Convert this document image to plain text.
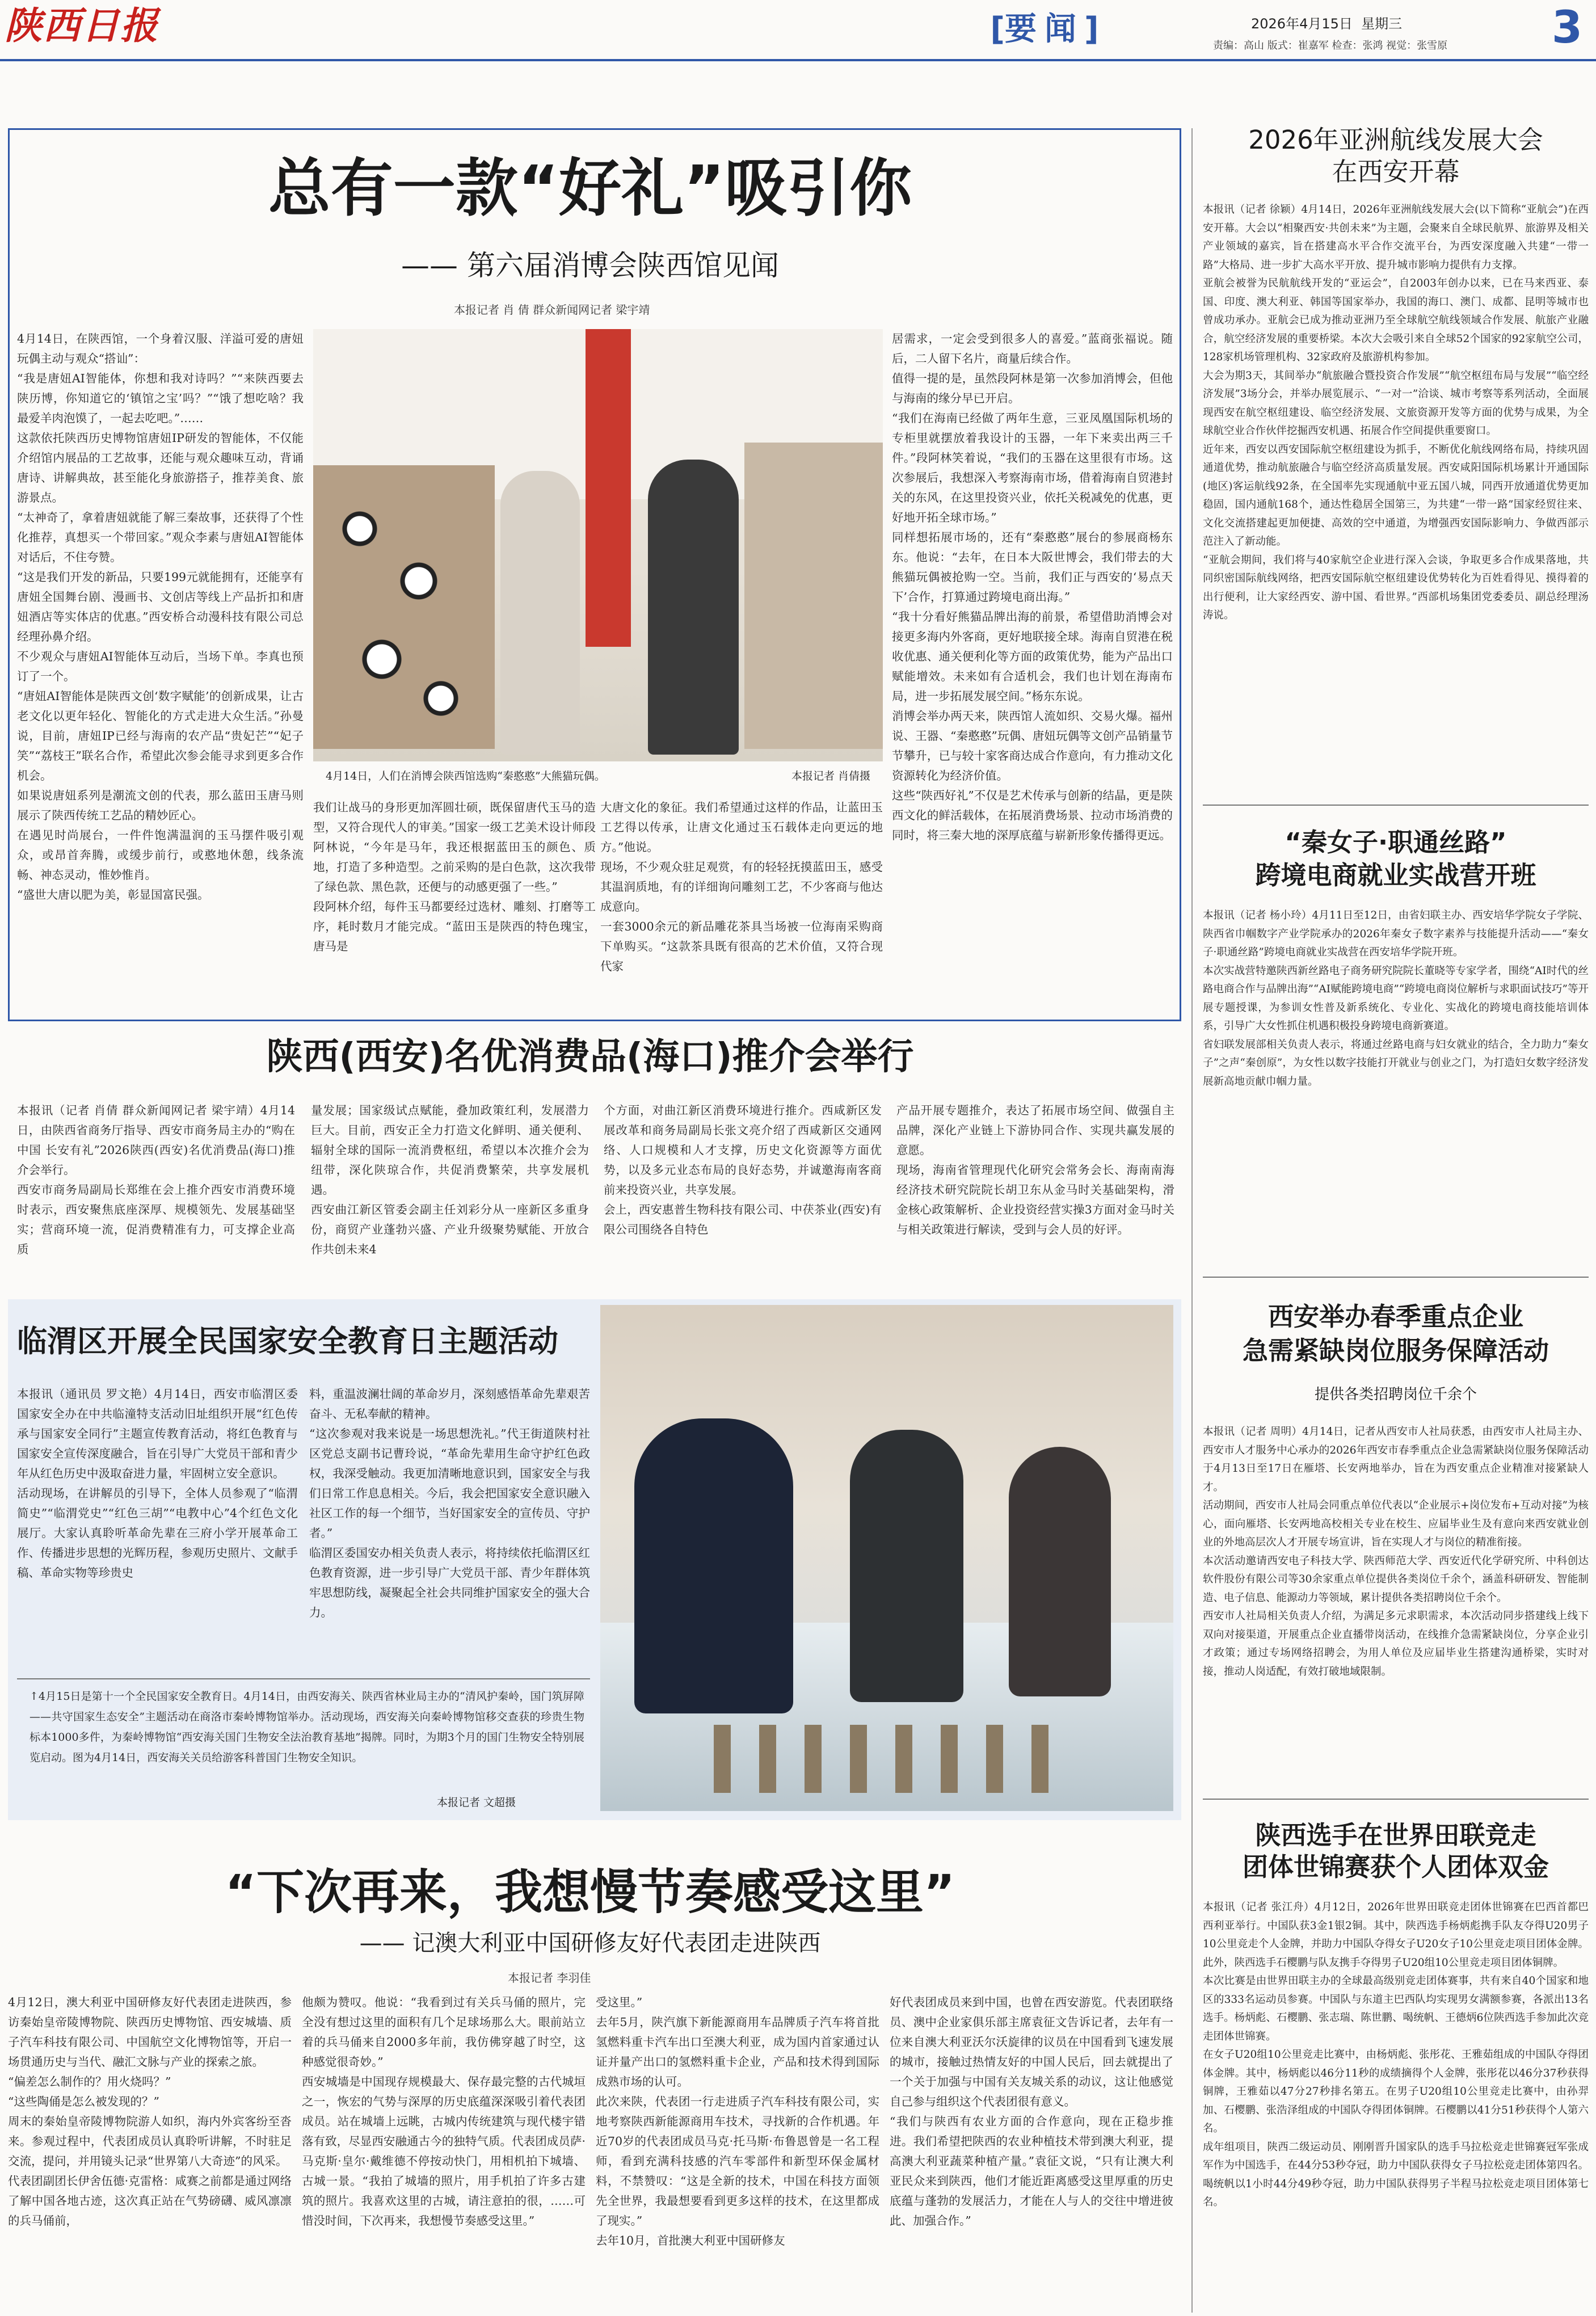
陕西日报	[要闻]	2026年4月15日 星期三
责编：高山 版式：崔嘉军 检查：张鸿 视觉：张雪原 3
总有一款“好礼”吸引你
—— 第六届消博会陕西馆见闻
本报记者 肖 倩 群众新闻网记者 梁宇靖
4月14日，在陕西馆，一个身着汉服、洋溢可爱的唐妞玩偶主动与观众“搭讪”：
“我是唐妞AI智能体，你想和我对诗吗？”“来陕西要去陕历博，你知道它的‘镇馆之宝’吗？”“饿了想吃啥？我最爱羊肉泡馍了，一起去吃吧。”……
这款依托陕西历史博物馆唐妞IP研发的智能体，不仅能介绍馆内展品的工艺故事，还能与观众趣味互动，背诵唐诗、讲解典故，甚至能化身旅游搭子，推荐美食、旅游景点。
“太神奇了，拿着唐妞就能了解三秦故事，还获得了个性化推荐，真想买一个带回家。”观众李素与唐妞AI智能体对话后，不住夸赞。
“这是我们开发的新品，只要199元就能拥有，还能享有唐妞全国舞台剧、漫画书、文创店等线上产品折扣和唐妞酒店等实体店的优惠。”西安桥合动漫科技有限公司总经理孙鼻介绍。
不少观众与唐妞AI智能体互动后，当场下单。李真也预订了一个。
“唐妞AI智能体是陕西文创‘数字赋能’的创新成果，让古老文化以更年轻化、智能化的方式走进大众生活。”孙曼说，目前，唐妞IP已经与海南的农产品“贵妃芒”“妃子笑”“荔枝王”联名合作，希望此次参会能寻求到更多合作机会。
如果说唐妞系列是潮流文创的代表，那么蓝田玉唐马则展示了陕西传统工艺品的精妙匠心。
在遇见时尚展台，一件件饱满温润的玉马摆件吸引观众，或昂首奔腾，或缓步前行，或憨地休憩，线条流畅、神态灵动，惟妙惟肖。
“盛世大唐以肥为美，彰显国富民强。
4月14日，人们在消博会陕西馆选购“秦憨憨”大熊猫玩偶。	本报记者 肖倩摄
我们让战马的身形更加浑圆壮硕，既保留唐代玉马的造型，又符合现代人的审美。”国家一级工艺美术设计师段阿林说，“今年是马年，我还根据蓝田玉的颜色、质地，打造了多种造型。之前采购的是白色款，这次我带了绿色款、黑色款，还便与的动感更强了一些。”
段阿林介绍，每件玉马都要经过选材、雕刻、打磨等工序，耗时数月才能完成。“蓝田玉是陕西的特色瑰宝，唐马是
大唐文化的象征。我们希望通过这样的作品，让蓝田玉工艺得以传承，让唐文化通过玉石载体走向更远的地方。”他说。
现场，不少观众驻足观赏，有的轻轻抚摸蓝田玉，感受其温润质地，有的详细询问雕刻工艺，不少客商与他达成意向。
一套3000余元的新品雕花茶具当场被一位海南采购商下单购买。“这款茶具既有很高的艺术价值，又符合现代家
居需求，一定会受到很多人的喜爱。”蓝商张福说。随后，二人留下名片，商量后续合作。
值得一提的是，虽然段阿林是第一次参加消博会，但他与海南的缘分早已开启。
“我们在海南已经做了两年生意，三亚凤凰国际机场的专柜里就摆放着我设计的玉器，一年下来卖出两三千件。”段阿林笑着说，“我们的玉器在这里很有市场。这次参展后，我想深入考察海南市场，借着海南自贸港封关的东风，在这里投资兴业，依托关税减免的优惠，更好地开拓全球市场。”
同样想拓展市场的，还有“秦憨憨”展台的参展商杨东东。他说：“去年，在日本大阪世博会，我们带去的大熊猫玩偶被抢购一空。当前，我们正与西安的‘易点天下’合作，打算通过跨境电商出海。”
“我十分看好熊猫品牌出海的前景，希望借助消博会对接更多海内外客商，更好地联接全球。海南自贸港在税收优惠、通关便利化等方面的政策优势，能为产品出口赋能增效。未来如有合适机会，我们也计划在海南布局，进一步拓展发展空间。”杨东东说。
消博会举办两天来，陕西馆人流如织、交易火爆。福州说、王器、“秦憨憨”玩偶、唐妞玩偶等文创产品销量节节攀升，已与较十家客商达成合作意向，有力推动文化资源转化为经济价值。
这些“陕西好礼”不仅是艺术传承与创新的结晶，更是陕西文化的鲜活载体，在拓展消费场景、拉动市场消费的同时，将三秦大地的深厚底蕴与崭新形象传播得更远。
陕西(西安)名优消费品(海口)推介会举行
本报讯（记者 肖倩 群众新闻网记者 梁宇靖）4月14日，由陕西省商务厅指导、西安市商务局主办的“购在中国 长安有礼”2026陕西(西安)名优消费品(海口)推介会举行。
西安市商务局副局长郑维在会上推介西安市消费环境时表示，西安聚焦底座深厚、规模领先、发展基础坚实；营商环境一流，促消费精准有力，可支撑企业高质
量发展；国家级试点赋能，叠加政策红利，发展潜力巨大。目前，西安正全力打造文化鲜明、通关便利、辐射全球的国际一流消费枢纽，希望以本次推介会为纽带，深化陕琼合作，共促消费繁荣，共享发展机遇。
西安曲江新区管委会副主任刘彩分从一座新区多重身份，商贸产业蓬勃兴盛、产业升级聚势赋能、开放合作共创未来4
个方面，对曲江新区消费环境进行推介。西咸新区发展改革和商务局副局长张文亮介绍了西咸新区交通网络、人口规模和人才支撑，历史文化资源等方面优势，以及多元业态布局的良好态势，并诚邀海南客商前来投资兴业，共享发展。
会上，西安惠普生物科技有限公司、中茯茶业(西安)有限公司围绕各自特色
产品开展专题推介，表达了拓展市场空间、做强自主品牌，深化产业链上下游协同合作、实现共赢发展的意愿。
现场，海南省管理现代化研究会常务会长、海南南海经济技术研究院院长胡卫东从金马时关基础架构，滑金核心政策解析、企业投资经营实操3方面对金马时关与相关政策进行解读，受到与会人员的好评。
临渭区开展全民国家安全教育日主题活动
本报讯（通讯员 罗文艳）4月14日，西安市临渭区委国家安全办在中共临潼特支活动旧址组织开展“红色传承与国家安全同行”主题宣传教育活动，将红色教育与国家安全宣传深度融合，旨在引导广大党员干部和青少年从红色历史中汲取奋进力量，牢固树立安全意识。
活动现场，在讲解员的引导下，全体人员参观了“临渭简史”“临渭党史”“红色三胡”“电教中心”4个红色文化展厅。大家认真聆听革命先辈在三府小学开展革命工作、传播进步思想的光辉历程，参观历史照片、文献手稿、革命实物等珍贵史
料，重温波澜壮阔的革命岁月，深刻感悟革命先辈艰苦奋斗、无私奉献的精神。
“这次参观对我来说是一场思想洗礼。”代王街道陕村社区党总支副书记曹玲说，“革命先辈用生命守护红色政权，我深受触动。我更加清晰地意识到，国家安全与我们日常工作息息相关。今后，我会把国家安全意识融入社区工作的每一个细节，当好国家安全的宣传员、守护者。”
临渭区委国安办相关负责人表示，将持续依托临渭区红色教育资源，进一步引导广大党员干部、青少年群体筑牢思想防线，凝聚起全社会共同维护国家安全的强大合力。
↑4月15日是第十一个全民国家安全教育日。4月14日，由西安海关、陕西省林业局主办的“清风护秦岭，国门筑屏障——共守国家生态安全”主题活动在商洛市秦岭博物馆举办。活动现场，西安海关向秦岭博物馆移交查获的珍贵生物标本1000多件，为秦岭博物馆“西安海关国门生物安全法治教育基地”揭牌。同时，为期3个月的国门生物安全特别展览启动。图为4月14日，西安海关关员给游客科普国门生物安全知识。
本报记者 文超摄
“下次再来，我想慢节奏感受这里”
—— 记澳大利亚中国研修友好代表团走进陕西
本报记者 李羽佳
4月12日，澳大利亚中国研修友好代表团走进陕西，参访秦始皇帝陵博物院、陕西历史博物馆、西安城墙、质子汽车科技有限公司、中国航空文化博物馆等，开启一场贯通历史与当代、融汇文脉与产业的探索之旅。
“偏差怎么制作的？用火烧吗？”
“这些陶俑是怎么被发现的？”
周末的秦始皇帝陵博物院游人如织，海内外宾客纷至沓来。参观过程中，代表团成员认真聆听讲解，不时驻足交流，提问，并用镜头记录“世界第八大奇迹”的风采。
代表团副团长伊舍伍德·克雷格：咸赛之前都是通过网络了解中国各地古迹，这次真正站在气势磅礴、威风凛凛的兵马俑前，
他颇为赞叹。他说：“我看到过有关兵马俑的照片，完全没有想过这里的面积有几个足球场那么大。眼前站立着的兵马俑来自2000多年前，我仿佛穿越了时空，这种感觉很奇妙。”
西安城墙是中国现存规模最大、保存最完整的古代城垣之一，恢宏的气势与深厚的历史底蕴深深吸引着代表团成员。站在城墙上远眺，古城内传统建筑与现代楼宇错落有致，尽显西安融通古今的独特气质。代表团成员萨·马克斯·皇尔·戴维德不停按动快门，用相机拍下城墙、古城一景。“我拍了城墙的照片，用手机拍了许多古建筑的照片。我喜欢这里的古城，请注意拍的很，……可惜没时间，下次再来，我想慢节奏感受这里。”
受这里。”
去年5月，陕汽旗下新能源商用车品牌质子汽车将首批氢燃料重卡汽车出口至澳大利亚，成为国内首家通过认证并量产出口的氢燃料重卡企业，产品和技术得到国际成熟市场的认可。
此次来陕，代表团一行走进质子汽车科技有限公司，实地考察陕西新能源商用车技术，寻找新的合作机遇。年近70岁的代表团成员马克·托马斯·布鲁恩曾是一名工程师，看到充满科技感的汽车零部件和新型环保金属材料，不禁赞叹：“这是全新的技术，中国在科技方面领先全世界，我最想要看到更多这样的技术，在这里都成了现实。”
去年10月，首批澳大利亚中国研修友
好代表团成员来到中国，也曾在西安游览。代表团联络员、澳中企业家俱乐部主席袁征文告诉记者，去年有一位来自澳大利亚沃尔沃旋律的议员在中国看到飞速发展的城市，接触过热情友好的中国人民后，回去就提出了一个关于加强与中国有关友城关系的动议，这让他感觉自己参与组织这个代表团很有意义。
“我们与陕西有农业方面的合作意向，现在正稳步推进。我们希望把陕西的农业种植技术带到澳大利亚，提高澳大利亚蔬菜种植产量。”袁征文说，“只有让澳大利亚民众来到陕西，他们才能近距离感受这里厚重的历史底蕴与蓬勃的发展活力，才能在人与人的交往中增进彼此、加强合作。”
2026年亚洲航线发展大会
在西安开幕
本报讯（记者 徐颖）4月14日，2026年亚洲航线发展大会(以下简称“亚航会”)在西安开幕。大会以“相聚西安·共创未来”为主题，会聚来自全球民航界、旅游界及相关产业领域的嘉宾，旨在搭建高水平合作交流平台，为西安深度融入共建“一带一路”大格局、进一步扩大高水平开放、提升城市影响力提供有力支撑。
亚航会被誉为民航航线开发的“亚运会”，自2003年创办以来，已在马来西亚、泰国、印度、澳大利亚、韩国等国家举办，我国的海口、澳门、成都、昆明等城市也曾成功承办。亚航会已成为推动亚洲乃至全球航空航线领域合作发展、航旅产业融合，航空经济发展的重要桥梁。本次大会吸引来自全球52个国家的92家航空公司，128家机场管理机构、32家政府及旅游机构参加。
大会为期3天，其间举办“航旅融合暨投资合作发展”“航空枢纽布局与发展”“临空经济发展”3场分会，并举办展览展示、“一对一”洽谈、城市考察等系列活动，全面展现西安在航空枢纽建设、临空经济发展、文旅资源开发等方面的优势与成果，为全球航空业合作伙伴挖掘西安机遇、拓展合作空间提供重要窗口。
近年来，西安以西安国际航空枢纽建设为抓手，不断优化航线网络布局，持续巩固通道优势，推动航旅融合与临空经济高质量发展。西安咸阳国际机场累计开通国际(地区)客运航线92条，在全国率先实现通航中亚五国八城，同西开放通道优势更加稳固，国内通航168个，通达性稳居全国第三，为共建“一带一路”国家经贸往来、文化交流搭建起更加便捷、高效的空中通道，为增强西安国际影响力、争做西部示范注入了新动能。
“亚航会期间，我们将与40家航空企业进行深入会谈，争取更多合作成果落地，共同织密国际航线网络，把西安国际航空枢纽建设优势转化为百姓看得见、摸得着的出行便利，让大家经西安、游中国、看世界。”西部机场集团党委委员、副总经理汤涛说。
“秦女子·职通丝路”
跨境电商就业实战营开班
本报讯（记者 杨小玲）4月11日至12日，由省妇联主办、西安培华学院女子学院、陕西省巾帼数字产业学院承办的2026年秦女子数字素养与技能提升活动——“秦女子·职通丝路”跨境电商就业实战营在西安培华学院开班。
本次实战营特邀陕西新丝路电子商务研究院院长董晓等专家学者，围绕“AI时代的丝路电商合作与品牌出海”“AI赋能跨境电商”“跨境电商岗位解析与求职面试技巧”等开展专题授课，为参训女性普及新系统化、专业化、实战化的跨境电商技能培训体系，引导广大女性抓住机遇积极投身跨境电商新赛道。
省妇联发展部相关负责人表示，将通过丝路电商与妇女就业的结合，全力助力“秦女子”之声“秦创原”，为女性以数字技能打开就业与创业之门，为打造妇女数字经济发展新高地贡献巾帼力量。
西安举办春季重点企业
急需紧缺岗位服务保障活动
提供各类招聘岗位千余个
本报讯（记者 周明）4月14日，记者从西安市人社局获悉，由西安市人社局主办、西安市人才服务中心承办的2026年西安市春季重点企业急需紧缺岗位服务保障活动于4月13日至17日在雁塔、长安两地举办，旨在为西安重点企业精准对接紧缺人才。
活动期间，西安市人社局会同重点单位代表以“企业展示+岗位发布+互动对接”为核心，面向雁塔、长安两地高校相关专业在校生、应届毕业生及有意向来西安就业创业的外地高层次人才开展专场宣讲，旨在实现人才与岗位的精准衔接。
本次活动邀请西安电子科技大学、陕西师范大学、西安近代化学研究所、中科创达软件股份有限公司等30余家重点单位提供各类岗位千余个，涵盖科研研发、智能制造、电子信息、能源动力等领域，累计提供各类招聘岗位千余个。
西安市人社局相关负责人介绍，为满足多元求职需求，本次活动同步搭建线上线下双向对接渠道，开展重点企业直播带岗活动，在线推介急需紧缺岗位，分享企业引才政策；通过专场网络招聘会，为用人单位及应届毕业生搭建沟通桥梁，实时对接，推动人岗适配，有效打破地域限制。
陕西选手在世界田联竞走
团体世锦赛获个人团体双金
本报讯（记者 张江舟）4月12日，2026年世界田联竞走团体世锦赛在巴西首都巴西利亚举行。中国队获3金1银2铜。其中，陕西选手杨炳彪携手队友夺得U20男子10公里竞走个人金牌，并助力中国队夺得女子U20女子10公里竞走项目团体金牌。此外，陕西选手石樱鹏与队友携手夺得男子U20组10公里竞走项目团体铜牌。
本次比赛是由世界田联主办的全球最高级别竞走团体赛事，共有来自40个国家和地区的333名运动员参赛。中国队与东道主巴西队均实现男女满额参赛，各派出13名选手。杨炳彪、石樱鹏、张志瑞、陈世鹏、喝统帆、王德炳6位陕西选手参加此次竞走团体世锦赛。
在女子U20组10公里竞走比赛中，由杨炳彪、张彤花、王雅茹组成的中国队夺得团体金牌。其中，杨炳彪以46分11秒的成绩摘得个人金牌，张彤花以46分37秒获得铜牌，王雅茹以47分27秒排名第五。在男子U20组10公里竞走比赛中，由孙羿加、石樱鹏、张浩泽组成的中国队夺得团体铜牌。石樱鹏以41分51秒获得个人第六名。
成年组项目，陕西二级运动员、刚刚晋升国家队的选手马拉松竞走世锦赛冠军张成军作为中国选手，在44分53秒夺冠，助力中国队获得女子马拉松竞走团体第四名。喝统帆以1小时44分49秒夺冠，助力中国队获得男子半程马拉松竞走项目团体第七名。
